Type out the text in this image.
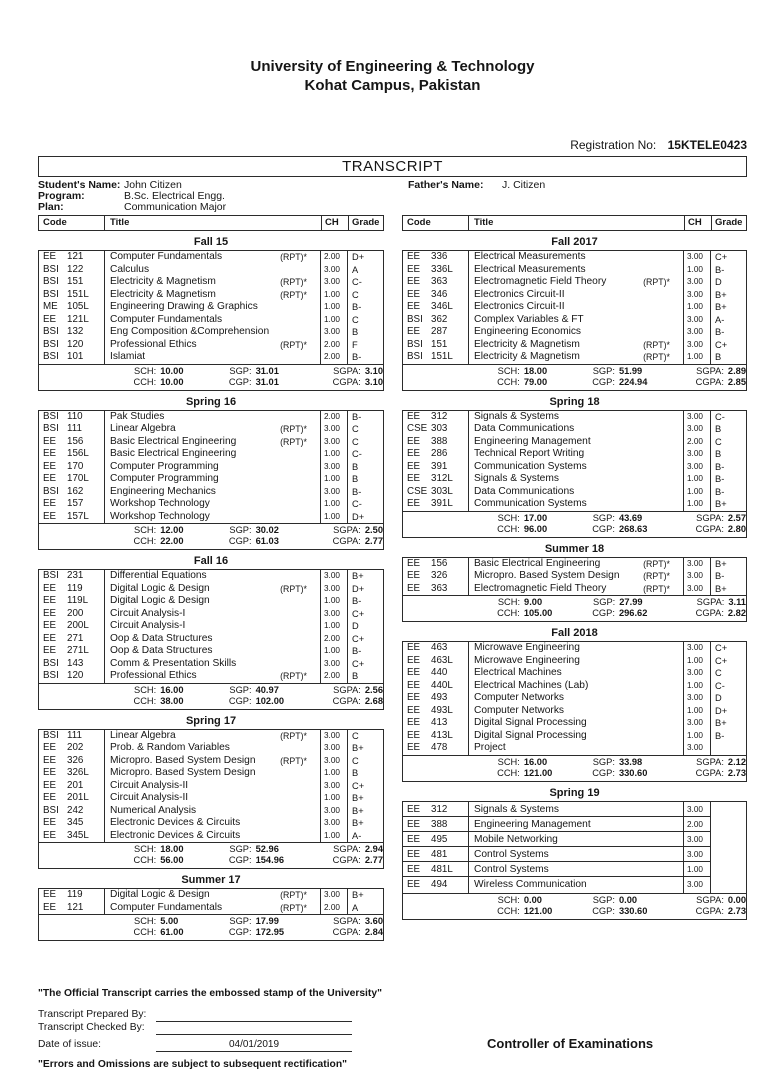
University of Engineering & Technology
Kohat Campus, Pakistan
Registration No: 15KTELE0423
TRANSCRIPT
Student's Name: John Citizen
Program:	B.Sc. Electrical Engg.
Plan:	Communication Major
Father's Name:	J. Citizen
Code	Title	CH	Grade
Fall 15
EE	121	Computer Fundamentals	(RPT)*	2.00	D+
BSI 122	Calculus	3.00	A
BSI 151	Electricity & Magnetism	(RPT)*	3.00	C-
BSI 151L	Electricity & Magnetism	(RPT)*	1.00	C
ME 105L	Engineering Drawing & Graphics	1.00	B-
EE	121L	Computer Fundamentals	1.00	C
BSI 132	Eng Composition &Comprehension	3.00	B
BSI 120	Professional Ethics	(RPT)*	2.00	F
BSI 101	Islamiat	2.00	B-
SCH: 10.00	SGP: 31.01	SGPA: 3.10
CCH: 10.00	CGP: 31.01	CGPA: 3.10
Spring 16
BSI 110	Pak Studies	2.00	B-
BSI 111	Linear Algebra	(RPT)*	3.00	C
EE	156	Basic Electrical Engineering	(RPT)*	3.00	C
EE	156L	Basic Electrical Engineering	1.00	C-
EE	170	Computer Programming	3.00	B
EE	170L	Computer Programming	1.00	B
BSI 162	Engineering Mechanics	3.00	B-
EE	157	Workshop Technology	1.00	C-
EE	157L	Workshop Technology	1.00	D+
SCH: 12.00	SGP: 30.02	SGPA: 2.50
CCH: 22.00	CGP: 61.03	CGPA: 2.77
Fall 16
BSI 231	Differential Equations	3.00	B+
EE	119	Digital Logic & Design	(RPT)*	3.00	D+
EE	119L	Digital Logic & Design	1.00	B-
EE	200	Circuit Analysis-I	3.00	C+
EE	200L	Circuit Analysis-I	1.00	D
EE	271	Oop & Data Structures	2.00	C+
EE	271L	Oop & Data Structures	1.00	B-
BSI 143	Comm & Presentation Skills	3.00	C+
BSI 120	Professional Ethics	(RPT)*	2.00	B
SCH: 16.00	SGP: 40.97	SGPA: 2.56
CCH: 38.00	CGP: 102.00	CGPA: 2.68
Spring 17
BSI 111	Linear Algebra	(RPT)*	3.00	C
EE	202	Prob. & Random Variables	3.00	B+
EE	326	Micropro. Based System Design	(RPT)*	3.00	C
EE	326L	Micropro. Based System Design	1.00	B
EE	201	Circuit Analysis-II	3.00	C+
EE	201L	Circuit Analysis-II	1.00	B+
BSI 242	Numerical Analysis	3.00	B+
EE	345	Electronic Devices & Circuits	3.00	B+
EE	345L	Electronic Devices & Circuits	1.00	A-
SCH: 18.00	SGP: 52.96	SGPA: 2.94
CCH: 56.00	CGP: 154.96	CGPA: 2.77
Summer 17
EE	119	Digital Logic & Design	(RPT)*	3.00	B+
EE	121	Computer Fundamentals	(RPT)*	2.00	A
SCH: 5.00	SGP: 17.99	SGPA: 3.60
CCH: 61.00	CGP: 172.95	CGPA: 2.84
Code	Title	CH	Grade
Fall 2017
EE	336	Electrical Measurements	3.00	C+
EE	336L	Electrical Measurements	1.00	B-
EE	363	Electromagnetic Field Theory	(RPT)*	3.00	D
EE	346	Electronics Circuit-II	3.00	B+
EE	346L	Electronics Circuit-II	1.00	B+
BSI 362	Complex Variables & FT	3.00	A-
EE	287	Engineering Economics	3.00	B-
BSI 151	Electricity & Magnetism	(RPT)*	3.00	C+
BSI 151L	Electricity & Magnetism	(RPT)*	1.00	B
SCH: 18.00	SGP: 51.99	SGPA: 2.89
CCH: 79.00	CGP: 224.94	CGPA: 2.85
Spring 18
EE	312	Signals & Systems	3.00	C-
CSE 303	Data Communications	3.00	B
EE	388	Engineering Management	2.00	C
EE	286	Technical Report Writing	3.00	B
EE	391	Communication Systems	3.00	B-
EE	312L	Signals & Systems	1.00	B-
CSE 303L	Data Communications	1.00	B-
EE	391L	Communication Systems	1.00	B+
SCH: 17.00	SGP: 43.69	SGPA: 2.57
CCH: 96.00	CGP: 268.63	CGPA: 2.80
Summer 18
EE	156	Basic Electrical Engineering	(RPT)*	3.00	B+
EE	326	Micropro. Based System Design	(RPT)*	3.00	B-
EE	363	Electromagnetic Field Theory	(RPT)*	3.00	B+
SCH: 9.00	SGP: 27.99	SGPA: 3.11
CCH: 105.00	CGP: 296.62	CGPA: 2.82
Fall 2018
EE	463	Microwave Engineering	3.00	C+
EE	463L	Microwave Engineering	1.00	C+
EE	440	Electrical Machines	3.00	C
EE	440L	Electrical Machines (Lab)	1.00	C-
EE	493	Computer Networks	3.00	D
EE	493L	Computer Networks	1.00	D+
EE	413	Digital Signal Processing	3.00	B+
EE	413L	Digital Signal Processing	1.00	B-
EE	478	Project	3.00
SCH: 16.00	SGP: 33.98	SGPA: 2.12
CCH: 121.00	CGP: 330.60	CGPA: 2.73
Spring 19
EE	312	Signals & Systems	3.00
EE	388	Engineering Management	2.00
EE	495	Mobile Networking	3.00
EE	481	Control Systems	3.00
EE	481L	Control Systems	1.00
EE	494	Wireless Communication	3.00
SCH: 0.00	SGP: 0.00	SGPA: 0.00
CCH: 121.00	CGP: 330.60	CGPA: 2.73
"The Official Transcript carries the embossed stamp of the University"
Transcript Prepared By:
Transcript Checked By:
Date of issue:	04/01/2019
"Errors and Omissions are subject to subsequent rectification"
Controller of Examinations
